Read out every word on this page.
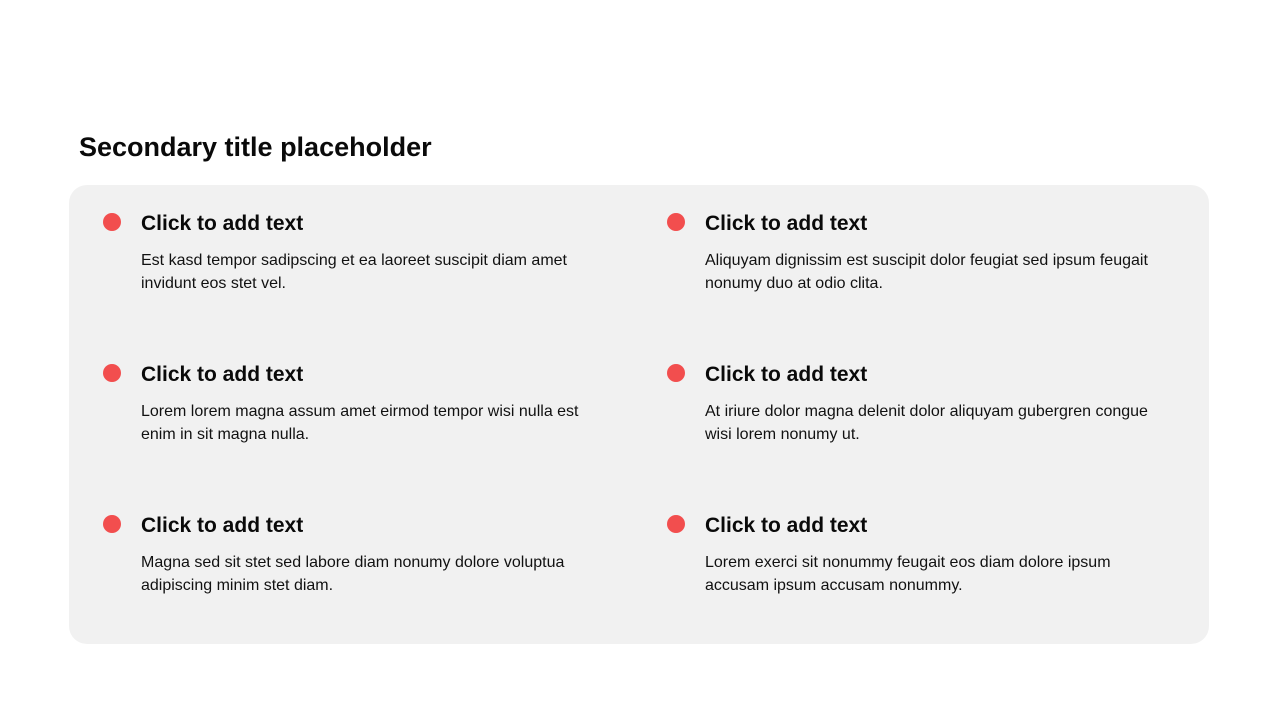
Secondary title placeholder
Click to add text

Est kasd tempor sadipscing et ea laoreet suscipit diam amet invidunt eos stet vel.

Click to add text

Aliquyam dignissim est suscipit dolor feugiat sed ipsum feugait nonumy duo at odio clita.

Click to add text

Lorem lorem magna assum amet eirmod tempor wisi nulla est enim in sit magna nulla.

Click to add text

At iriure dolor magna delenit dolor aliquyam gubergren congue wisi lorem nonumy ut.

Click to add text

Magna sed sit stet sed labore diam nonumy dolore voluptua adipiscing minim stet diam.

Click to add text

Lorem exerci sit nonummy feugait eos diam dolore ipsum accusam ipsum accusam nonummy.
